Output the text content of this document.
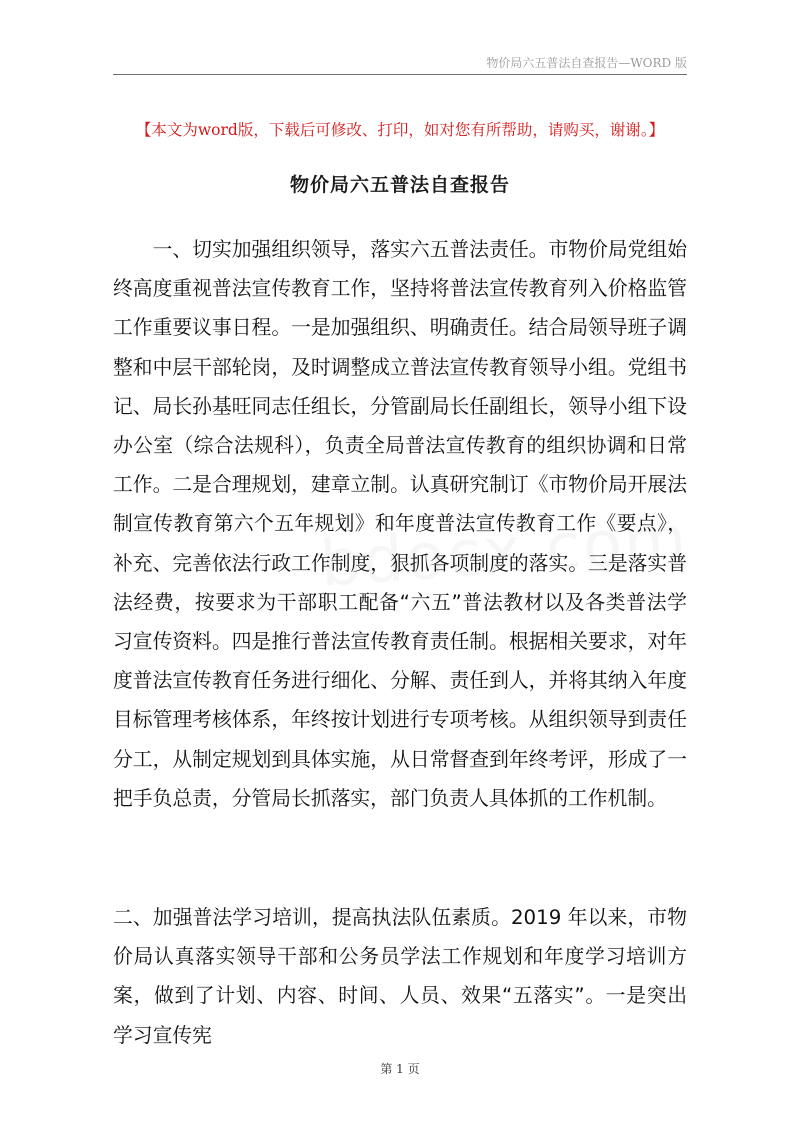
物价局六五普法自查报告—WORD 版
【本文为word版，下载后可修改、打印，如对您有所帮助，请购买，谢谢。】
物价局六五普法自查报告

一、切实加强组织领导，落实六五普法责任。市物价局党组始终高度重视普法宣传教育工作，坚持将普法宣传教育列入价格监管工作重要议事日程。一是加强组织、明确责任。结合局领导班子调整和中层干部轮岗，及时调整成立普法宣传教育领导小组。党组书记、局长孙基旺同志任组长，分管副局长任副组长，领导小组下设办公室（综合法规科），负责全局普法宣传教育的组织协调和日常工作。二是合理规划，建章立制。认真研究制订《市物价局开展法制宣传教育第六个五年规划》和年度普法宣传教育工作《要点》，补充、完善依法行政工作制度，狠抓各项制度的落实。三是落实普法经费，按要求为干部职工配备“六五”普法教材以及各类普法学习宣传资料。四是推行普法宣传教育责任制。根据相关要求，对年度普法宣传教育任务进行细化、分解、责任到人，并将其纳入年度目标管理考核体系，年终按计划进行专项考核。从组织领导到责任分工，从制定规划到具体实施，从日常督查到年终考评，形成了一把手负总责，分管局长抓落实，部门负责人具体抓的工作机制。

二、加强普法学习培训，提高执法队伍素质。2019 年以来，市物价局认真落实领导干部和公务员学法工作规划和年度学习培训方案，做到了计划、内容、时间、人员、效果“五落实”。一是突出学习宣传宪

第 1 页
